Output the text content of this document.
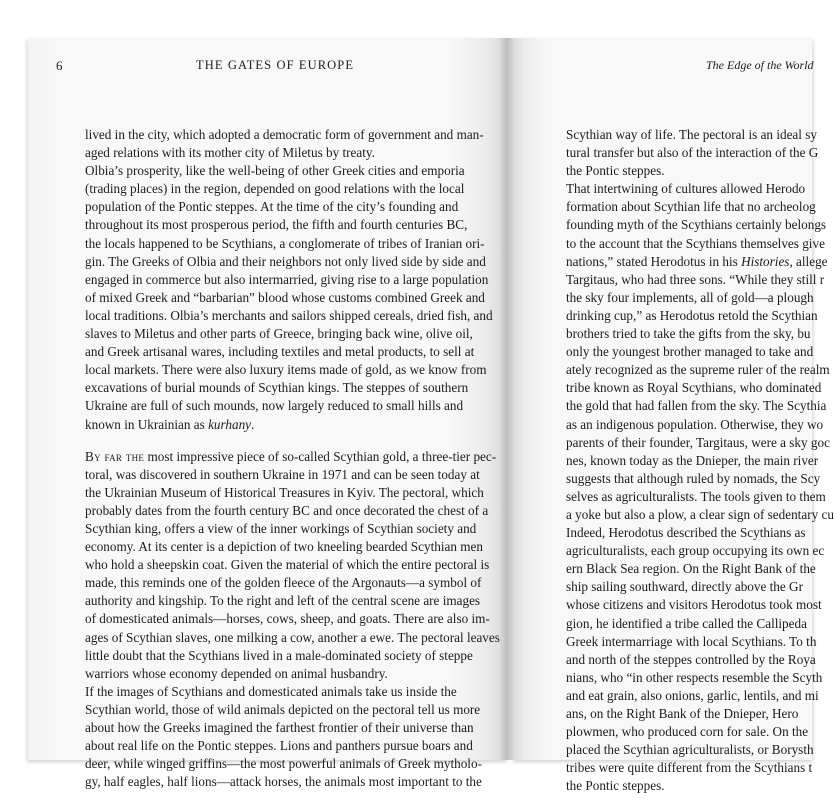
6	THE GATES OF EUROPE	The Edge of the World
lived in the city, which adopted a democratic form of government and man-
aged relations with its mother city of Miletus by treaty.
Olbia’s prosperity, like the well-being of other Greek cities and emporia
(trading places) in the region, depended on good relations with the local
population of the Pontic steppes. At the time of the city’s founding and
throughout its most prosperous period, the fifth and fourth centuries BC,
the locals happened to be Scythians, a conglomerate of tribes of Iranian ori-
gin. The Greeks of Olbia and their neighbors not only lived side by side and
engaged in commerce but also intermarried, giving rise to a large population
of mixed Greek and “barbarian” blood whose customs combined Greek and
local traditions. Olbia’s merchants and sailors shipped cereals, dried fish, and
slaves to Miletus and other parts of Greece, bringing back wine, olive oil,
and Greek artisanal wares, including textiles and metal products, to sell at
local markets. There were also luxury items made of gold, as we know from
excavations of burial mounds of Scythian kings. The steppes of southern
Ukraine are full of such mounds, now largely reduced to small hills and
known in Ukrainian as kurhany.
By far the most impressive piece of so-called Scythian gold, a three-tier pec-
toral, was discovered in southern Ukraine in 1971 and can be seen today at
the Ukrainian Museum of Historical Treasures in Kyiv. The pectoral, which
probably dates from the fourth century BC and once decorated the chest of a
Scythian king, offers a view of the inner workings of Scythian society and
economy. At its center is a depiction of two kneeling bearded Scythian men
who hold a sheepskin coat. Given the material of which the entire pectoral is
made, this reminds one of the golden fleece of the Argonauts—a symbol of
authority and kingship. To the right and left of the central scene are images
of domesticated animals—horses, cows, sheep, and goats. There are also im-
ages of Scythian slaves, one milking a cow, another a ewe. The pectoral leaves
little doubt that the Scythians lived in a male-dominated society of steppe
warriors whose economy depended on animal husbandry.
If the images of Scythians and domesticated animals take us inside the
Scythian world, those of wild animals depicted on the pectoral tell us more
about how the Greeks imagined the farthest frontier of their universe than
about real life on the Pontic steppes. Lions and panthers pursue boars and
deer, while winged griffins—the most powerful animals of Greek mytholo-
gy, half eagles, half lions—attack horses, the animals most important to the
Scythian way of life. The pectoral is an ideal sy
tural transfer but also of the interaction of the G
the Pontic steppes.
That intertwining of cultures allowed Herodo
formation about Scythian life that no archeolog
founding myth of the Scythians certainly belongs
to the account that the Scythians themselves give
nations,” stated Herodotus in his Histories, allege
Targitaus, who had three sons. “While they still r
the sky four implements, all of gold—a plough
drinking cup,” as Herodotus retold the Scythian
brothers tried to take the gifts from the sky, bu
only the youngest brother managed to take and
ately recognized as the supreme ruler of the realm
tribe known as Royal Scythians, who dominated
the gold that had fallen from the sky. The Scythia
as an indigenous population. Otherwise, they wo
parents of their founder, Targitaus, were a sky goc
nes, known today as the Dnieper, the main river
suggests that although ruled by nomads, the Scy
selves as agriculturalists. The tools given to them
a yoke but also a plow, a clear sign of sedentary cu
Indeed, Herodotus described the Scythians as
agriculturalists, each group occupying its own ec
ern Black Sea region. On the Right Bank of the
ship sailing southward, directly above the Gr
whose citizens and visitors Herodotus took most
gion, he identified a tribe called the Callipeda
Greek intermarriage with local Scythians. To th
and north of the steppes controlled by the Roya
nians, who “in other respects resemble the Scyth
and eat grain, also onions, garlic, lentils, and mi
ans, on the Right Bank of the Dnieper, Hero
plowmen, who produced corn for sale. On the
placed the Scythian agriculturalists, or Borysth
tribes were quite different from the Scythians t
the Pontic steppes.
